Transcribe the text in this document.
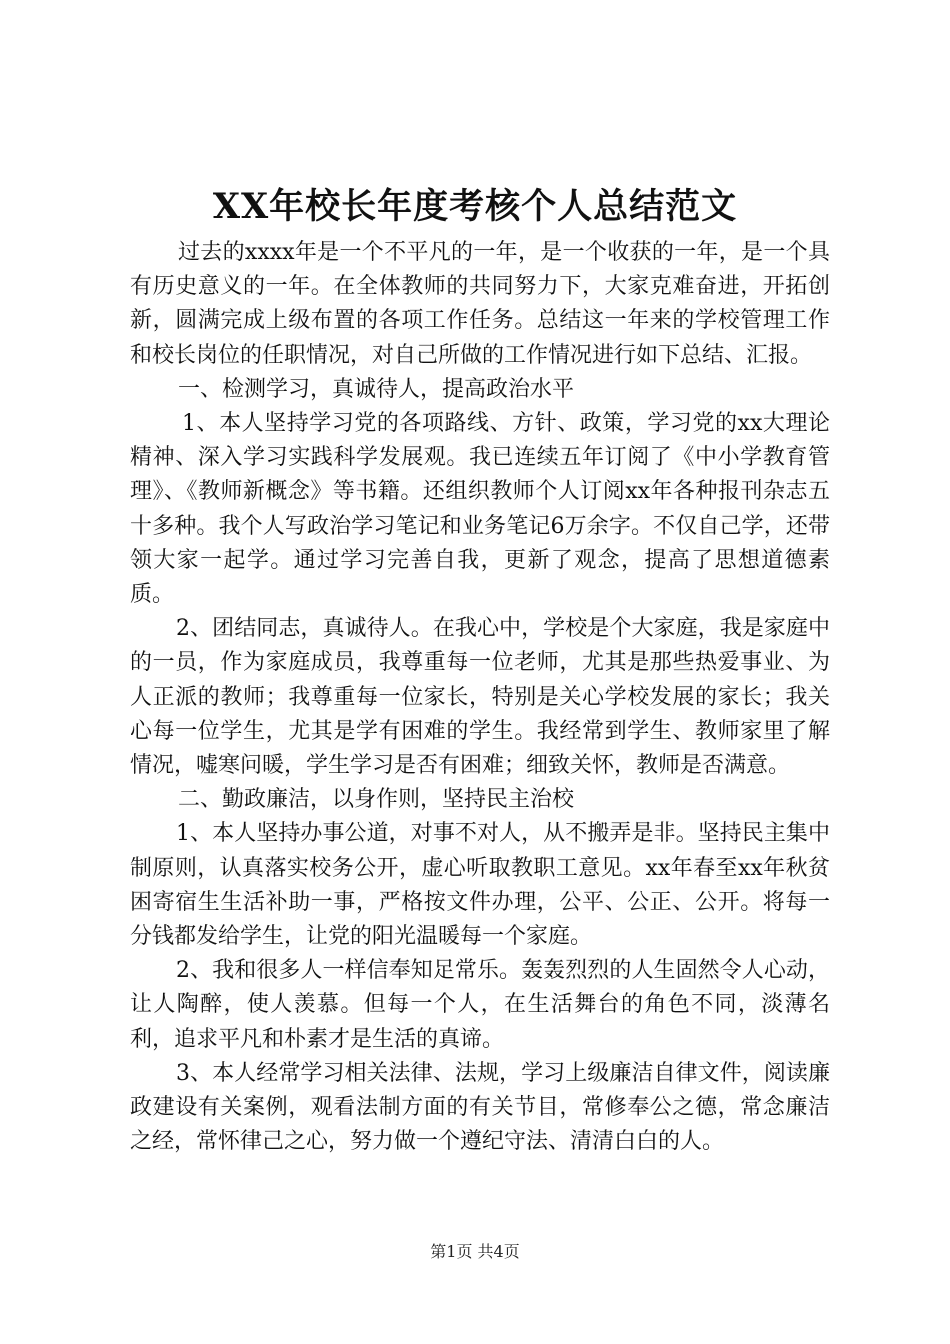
XX年校长年度考核个人总结范文

过去的xxxx年是一个不平凡的一年，是一个收获的一年，是一个具有历史意义的一年。在全体教师的共同努力下，大家克难奋进，开拓创新，圆满完成上级布置的各项工作任务。总结这一年来的学校管理工作和校长岗位的任职情况，对自己所做的工作情况进行如下总结、汇报。

一、检测学习，真诚待人，提高政治水平

1、本人坚持学习党的各项路线、方针、政策，学习党的xx大理论精神、深入学习实践科学发展观。我已连续五年订阅了《中小学教育管理》、《教师新概念》等书籍。还组织教师个人订阅xx年各种报刊杂志五十多种。我个人写政治学习笔记和业务笔记6万余字。不仅自己学，还带领大家一起学。通过学习完善自我，更新了观念，提高了思想道德素质。

2、团结同志，真诚待人。在我心中，学校是个大家庭，我是家庭中的一员，作为家庭成员，我尊重每一位老师，尤其是那些热爱事业、为人正派的教师；我尊重每一位家长，特别是关心学校发展的家长；我关心每一位学生，尤其是学有困难的学生。我经常到学生、教师家里了解情况，嘘寒问暖，学生学习是否有困难；细致关怀，教师是否满意。

二、勤政廉洁，以身作则，坚持民主治校

1、本人坚持办事公道，对事不对人，从不搬弄是非。坚持民主集中制原则，认真落实校务公开，虚心听取教职工意见。xx年春至xx年秋贫困寄宿生生活补助一事，严格按文件办理，公平、公正、公开。将每一分钱都发给学生，让党的阳光温暖每一个家庭。

2、我和很多人一样信奉知足常乐。轰轰烈烈的人生固然令人心动，让人陶醉，使人羡慕。但每一个人，在生活舞台的角色不同，淡薄名利，追求平凡和朴素才是生活的真谛。

3、本人经常学习相关法律、法规，学习上级廉洁自律文件，阅读廉政建设有关案例，观看法制方面的有关节目，常修奉公之德，常念廉洁之经，常怀律己之心，努力做一个遵纪守法、清清白白的人。

第1页 共4页
